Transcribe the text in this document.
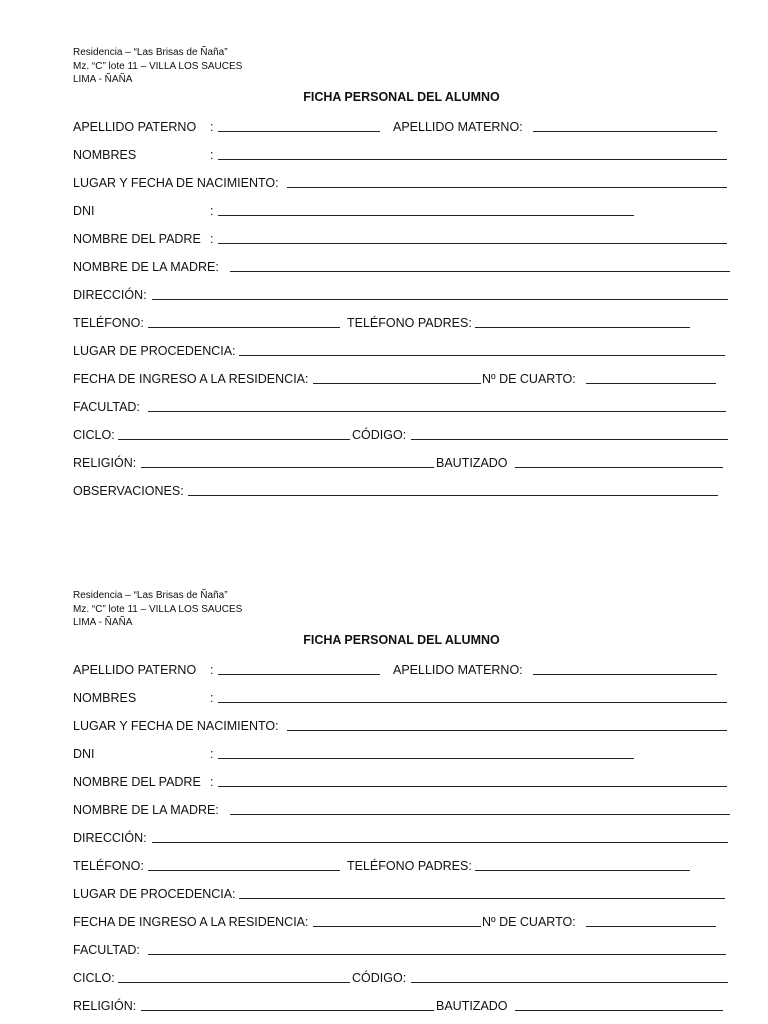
Residencia – “Las Brisas de Ñaña”
Mz. “C” lote 11 – VILLA LOS SAUCES
LIMA - ÑAÑA
FICHA PERSONAL DEL ALUMNO
APELLIDO PATERNO :	APELLIDO MATERNO:
NOMBRES	:
LUGAR Y FECHA DE NACIMIENTO:
DNI	:
NOMBRE DEL PADRE :
NOMBRE DE LA MADRE:
DIRECCIÓN:
TELÉFONO:	TELÉFONO PADRES:
LUGAR DE PROCEDENCIA:
FECHA DE INGRESO A LA RESIDENCIA:	Nº DE CUARTO:
FACULTAD:
CICLO:	CÓDIGO:
RELIGIÓN:	BAUTIZADO
OBSERVACIONES:
Residencia – “Las Brisas de Ñaña”
Mz. “C” lote 11 – VILLA LOS SAUCES
LIMA - ÑAÑA
FICHA PERSONAL DEL ALUMNO
APELLIDO PATERNO :	APELLIDO MATERNO:
NOMBRES	:
LUGAR Y FECHA DE NACIMIENTO:
DNI	:
NOMBRE DEL PADRE :
NOMBRE DE LA MADRE:
DIRECCIÓN:
TELÉFONO:	TELÉFONO PADRES:
LUGAR DE PROCEDENCIA:
FECHA DE INGRESO A LA RESIDENCIA:	Nº DE CUARTO:
FACULTAD:
CICLO:	CÓDIGO:
RELIGIÓN:	BAUTIZADO
